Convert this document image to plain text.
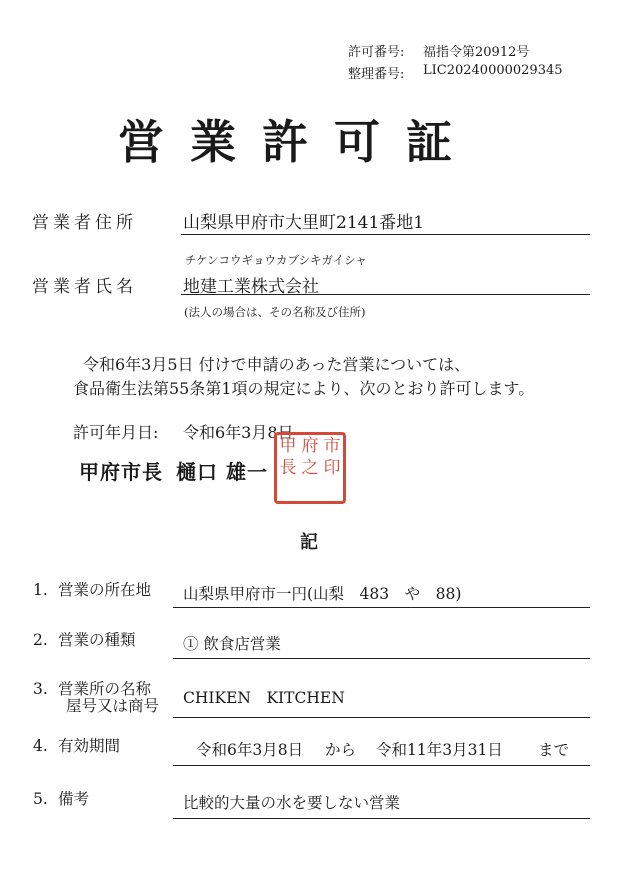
許可番号: 福指令第20912号
整理番号: LIC20240000029345
営業許可証
営業者住所	山梨県甲府市大里町2141番地1
チケンコウギョウカブシキガイシャ
営業者氏名	地建工業株式会社
(法人の場合は、その名称及び住所)
令和6年3月5日 付けで申請のあった営業については、
食品衛生法第55条第1項の規定により、次のとおり許可します。
許可年月日: 令和6年3月8日
甲府市長 樋口 雄一
甲 府 市
長 之 印
記
1. 営業の所在地 山梨県甲府市一円(山梨　483　や　88)
2. 営業の種類	① 飲食店営業
3. 営業所の名称
屋号又は商号 CHIKEN　KITCHEN
4. 有効期間	令和6年3月8日 から 令和11年3月31日 まで
5. 備考	比較的大量の水を要しない営業
